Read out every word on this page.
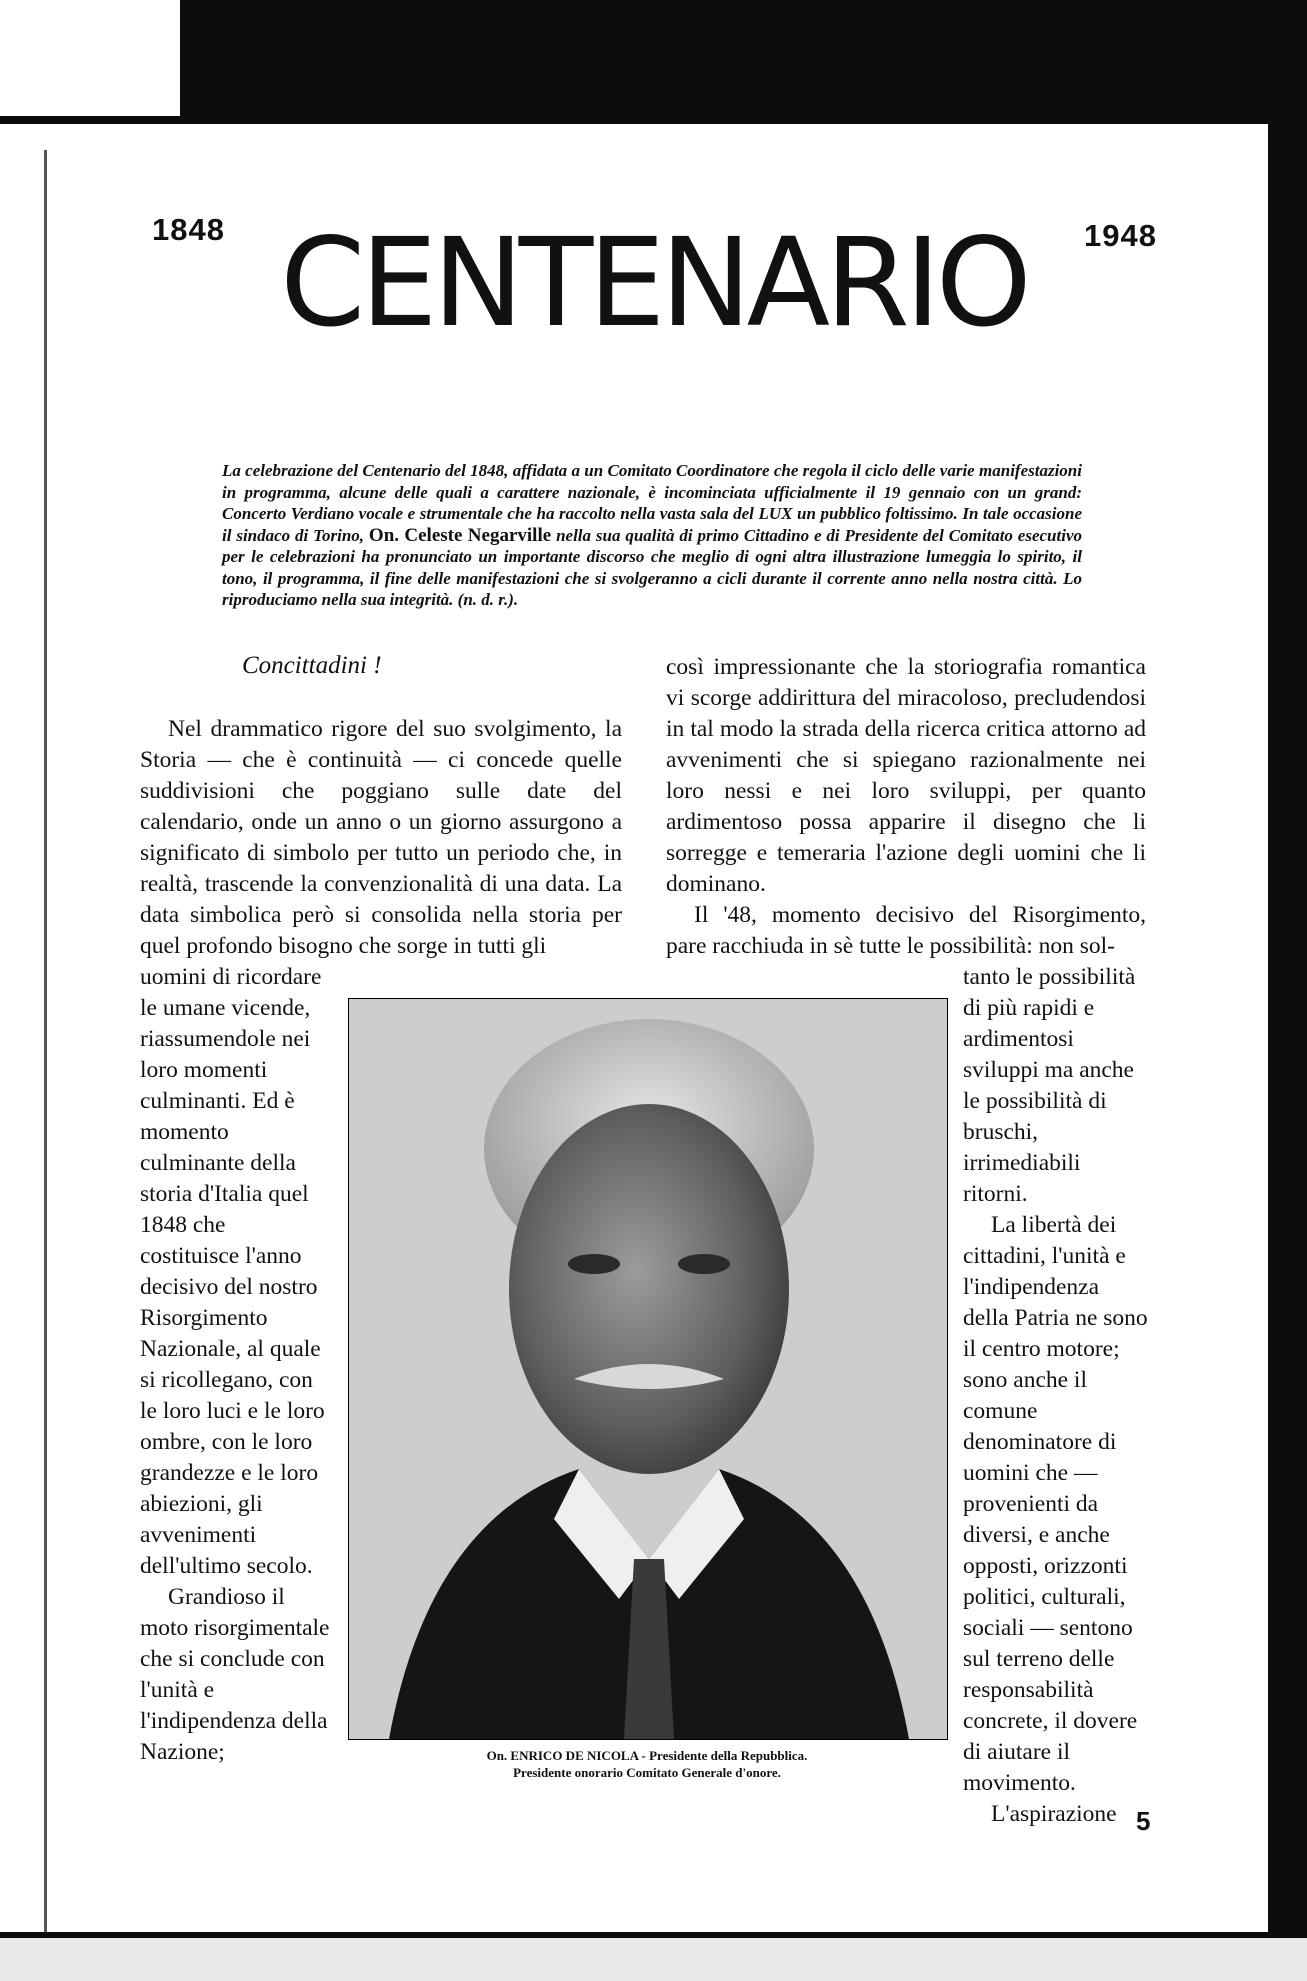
1848	1948
CENTENARIO
La celebrazione del Centenario del 1848, affidata a un Comitato Coordinatore che regola il ciclo delle varie manifestazioni in programma, alcune delle quali a carattere nazionale, è incominciata ufficialmente il 19 gennaio con un grand: Concerto Verdiano vocale e strumentale che ha raccolto nella vasta sala del LUX un pubblico foltissimo. In tale occasione il sindaco di Torino, On. Celeste Negarville nella sua qualità di primo Cittadino e di Presidente del Comitato esecutivo per le celebrazioni ha pronunciato un importante discorso che meglio di ogni altra illustrazione lumeggia lo spirito, il tono, il programma, il fine delle manifestazioni che si svolgeranno a cicli durante il corrente anno nella nostra città. Lo riproduciamo nella sua integrità. (n. d. r.).
Concittadini !

Nel drammatico rigore del suo svolgimento, la Storia — che è continuità — ci concede quelle suddivisioni che poggiano sulle date del calendario, onde un anno o un giorno assurgono a significato di simbolo per tutto un periodo che, in realtà, trascende la convenzionalità di una data. La data simbolica però si consolida nella storia per quel profondo bisogno che sorge in tutti gli

uomini di ricordare le umane vicende, riassumendole nei loro momenti culminanti. Ed è momento culminante della storia d'Italia quel 1848 che costituisce l'anno decisivo del nostro Risorgimento Nazionale, al quale si ricollegano, con le loro luci e le loro ombre, con le loro grandezze e le loro abiezioni, gli avvenimenti dell'ultimo secolo.

Grandioso il moto risorgimentale che si conclude con l'unità e l'indipendenza della Nazione;

così impressionante che la storiografia romantica vi scorge addirittura del miracoloso, precludendosi in tal modo la strada della ricerca critica attorno ad avvenimenti che si spiegano razionalmente nei loro nessi e nei loro sviluppi, per quanto ardimentoso possa apparire il disegno che li sorregge e temeraria l'azione degli uomini che li dominano.

Il '48, momento decisivo del Risorgimento, pare racchiuda in sè tutte le possibilità: non sol-

tanto le possibilità di più rapidi e ardimentosi sviluppi ma anche le possibilità di bruschi, irrimediabili ritorni.

La libertà dei cittadini, l'unità e l'indipendenza della Patria ne sono il centro motore; sono anche il comune denominatore di uomini che — provenienti da diversi, e anche opposti, orizzonti politici, culturali, sociali — sentono sul terreno delle responsabilità concrete, il dovere di aiutare il movimento.

L'aspirazione

On. ENRICO DE NICOLA - Presidente della Repubblica.
Presidente onorario Comitato Generale d'onore.
5
